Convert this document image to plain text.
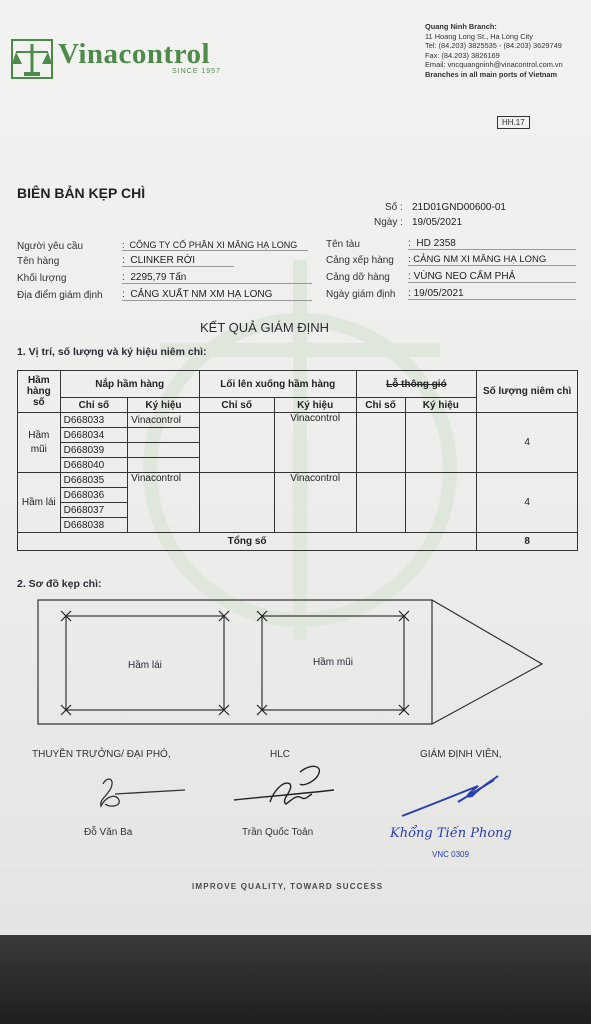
Vinacontrol
SINCE 1957
Quang Ninh Branch:
11 Hoang Long St., Ha Long City
Tel: (84.203) 3825535 - (84.203) 3629749
Fax: (84.203) 3826169
Email: vncquangninh@vinacontrol.com.vn
Branches in all main ports of Vietnam
HH.17
BIÊN BẢN KẸP CHÌ
Số : 21D01GND00600-01
Ngày : 19/05/2021
Người yêu cầu	:  CÔNG TY CỔ PHẦN XI MĂNG HẠ LONG
Tên hàng	:  CLINKER RỜI
Khối lượng	:  2295,79 Tấn
Địa điểm giám định :  CẢNG XUẤT NM XM HẠ LONG
Tên tàu	:  HD 2358
Cảng xếp hàng : CẢNG NM XI MĂNG HẠ LONG
Cảng dỡ hàng : VÙNG NEO CẨM PHẢ
Ngày giám định : 19/05/2021
KẾT QUẢ GIÁM ĐỊNH
1. Vị trí, số lượng và ký hiệu niêm chì:
Hầm hàng số	Nắp hầm hàng		Lối lên xuống hầm hàng		Lỗ thông gió		Số lượng niêm chì
	Chỉ số	Ký hiệu	Chỉ số	Ký hiệu	Chỉ số	Ký hiệu	
Hầm mũi	D668033	Vinacontrol		Vinacontrol			4
	D668034						
	D668039						
	D668040						
Hầm lái	D668035	Vinacontrol		Vinacontrol			4
	D668036						
	D668037						
	D668038						
Tổng số							8
2. Sơ đồ kẹp chì:
Hầm lái	Hầm mũi
THUYỀN TRƯỞNG/ ĐẠI PHÓ,	HLC	GIÁM ĐỊNH VIÊN,
Đỗ Văn Ba	Trần Quốc Toản	Khổng Tiến Phong
VNC 0309
IMPROVE QUALITY, TOWARD SUCCESS
